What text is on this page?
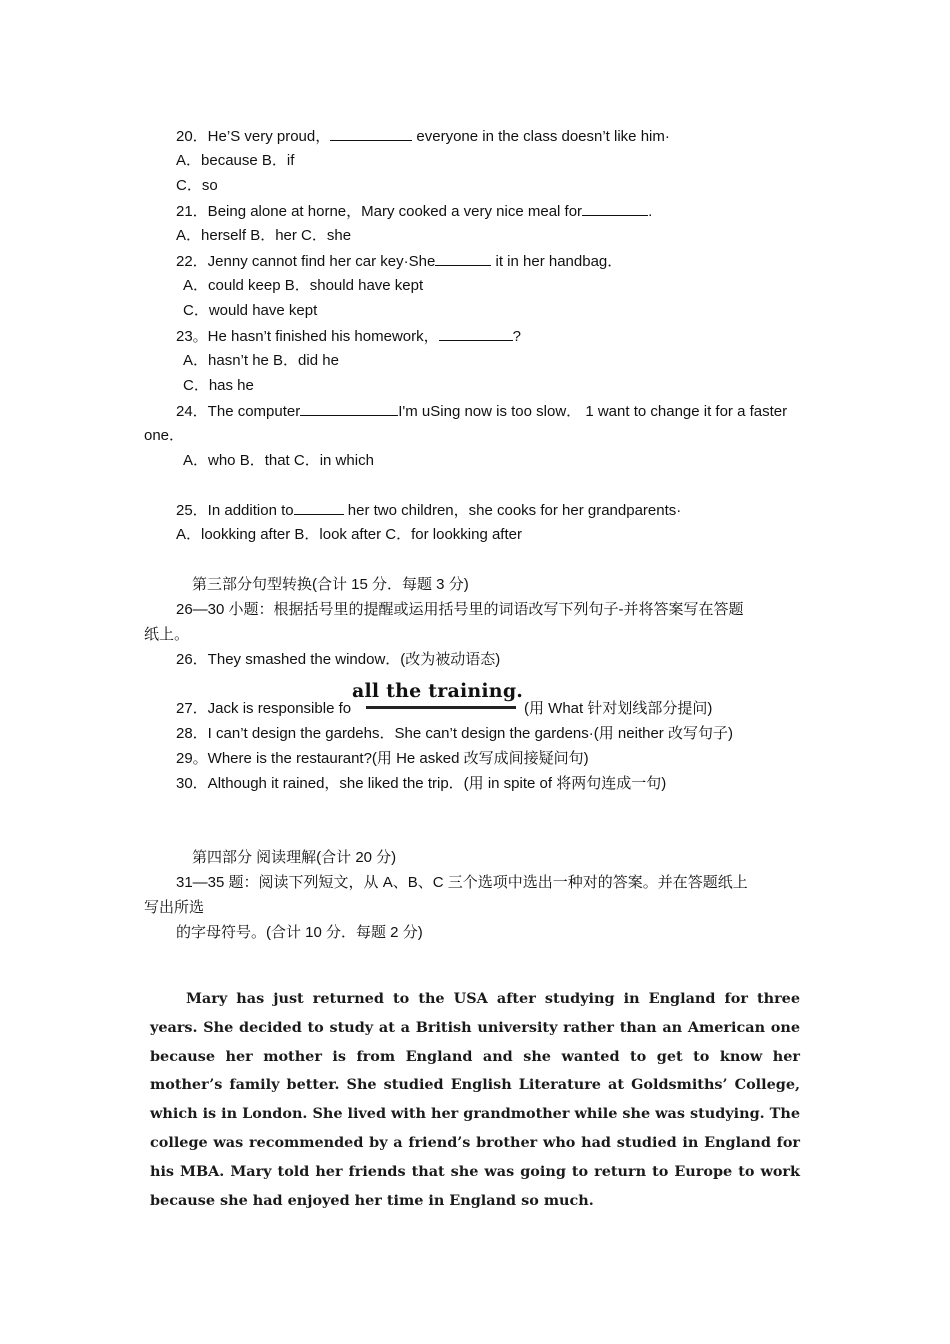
20．He’S very proud，	everyone in the class doesn’t like him·
A．because B．if
C．so
21．Being alone at horne，Mary cooked a very nice meal for	.
A．herself B．her C．she
22．Jenny cannot find her car key·She	it in her handbag．
A．could keep B．should have kept
C．would have kept
23。He hasn’t finished his homework，	?
A．hasn’t he B．did he
C．has he
24．The computer	I'm uSing now is too slow． 1 want to change it for a faster
one．
A．who B．that C．in which
25．In addition to	her two children，she cooks for her grandparents·
A．lookking after B．look after C．for lookking after
第三部分句型转换(合计 15 分．每题 3 分)
26—30 小题：根据括号里的提醒或运用括号里的词语改写下列句子-并将答案写在答题
纸上。
26．They smashed the window．(改为被动语态)
all the training.
27．Jack is responsible fo	(用 What 针对划线部分提问)
28．I can’t design the gardehs．She can’t design the gardens·(用 neither 改写句子)
29。Where is the restaurant?(用 He asked 改写成间接疑问句)
30．Although it rained，she liked the trip．(用 in spite of 将两句连成一句)
第四部分 阅读理解(合计 20 分)
31—35 题：阅读下列短文，从 A、B、C 三个选项中选出一种对的答案。并在答题纸上
写出所选
的字母符号。(合计 10 分．每题 2 分)
Mary has just returned to the USA after studying in England for three years. She decided to study at a British university rather than an American one because her mother is from England and she wanted to get to know her mother’s family better. She studied English Literature at Goldsmiths’ College, which is in London. She lived with her grandmother while she was studying. The college was recommended by a friend’s brother who had studied in England for his MBA. Mary told her friends that she was going to return to Europe to work because she had enjoyed her time in England so much.
